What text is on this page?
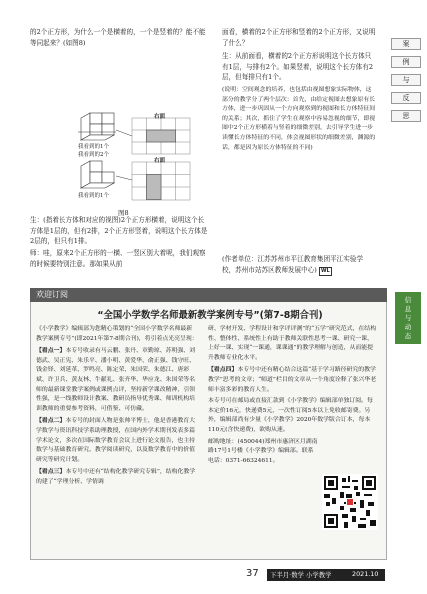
的2个正方形，为什么一个是横着的，一个是竖着的？能不能等同起来？(如图8)
右面
右面
我看到的1个
我看到的2个
我看到的1个
图8
生：(指着长方体和对应的视图)2个正方形横着，说明这个长方体是1层的，但有2排，2个正方形竖着，说明这个长方体是2层的，但只有1排。
师：哇，原来2个正方形的一横、一竖区别大着呢，我们观察的时候要特别注意。那如果从前
面看，横着的2个正方形和竖着的2个正方形，又说明了什么？
生：从前面看，横着的2个正方形说明这个长方体只有1层，与排有2个。如果竖着，说明这个长方体有2层，但每排只有1个。
(说明：空间观念的培养，也包括由视图想象实际物体，这部分的教学分了两个层次：首先，由给定视图去想象原有长方体，进一步巩固从一个方向观察到的视图和长方体特征间的关系；其次，抓住了学生在观察中容易忽视的细节，即视图中2个正方形横着与竖着的细微差别，去引导学生进一步读懂长方体特征的不同，体会视图形状的细微差别，渊源的话，都是因为原长方体特征的不同)
(作者单位：江苏苏州市平江教育集团平江实验学校，苏州市站苏区教师发展中心) WL
案
例
与
反
思
欢迎订阅
信
息
与
动
态
“全国小学数学名师最新教学案例专号”(第7-8期合刊)
《小学教学》编辑部为您精心策划的“全国小学数学名师最新教学案例专号”(即2021年第7-8期合刊)，将引着点光亮呈现：
【看点一】本专号收录有马云鹏、张丹、章勤琼、苏明强、刘德武、吴正宪、朱乐平、潘小明、黄爱华、俞正强、钱守旺、钱金铎、刘延革、罗鸣亮、陈定荣、朱国荣、朱德江、唐彩斌、许卫兵、黄友林、牛献礼、张齐华、华应龙、朱国荣等名师的最新课堂教学案例或课例点评，坚持新学课改精神，引领性强，是一线教师设计教案、教研员指导优秀课、师训机构培训教师的重要参考资料，可借鉴、可仿藏。
【看点二】本专号的封面人物是张帅平博士，他是香港教育大学数学与资讯科技学系助理教授，在国内外学术期刊发表多篇学术论文，多次在国际数学教育会议上进行论文报告，也主持数学与基础教育研究、教学阅读研究，以及数学教育中的价值研究等研究计划。
【看点三】本专号中还有“结构化教学研究专辑”，结构化教学的建了“学理分析、学情调
研、学材开发、学程设计和学评评测”的“五学”研究范式，在结构性、整体性、系统性上有助于教师关联性思考一课、研究一课、上好一课、实现“一课通，课课通”的教学理解与创造，从而能提升教师专业化水平。
【看点四】本专号中还有精心结合这篇“基于学习路径研究的教学教学”思考的文章；“师道”栏目的文章从一个角度诠释了张兴华老师丰富多彩的教育人生。
本专号可在邮局或直接汇款到《小学教学》编辑部单独订阅。每本定价16元，快递费5元，一次性订阅5本以上免收邮寄费。另外，编辑部尚有少量《小学教学》2020年数学版合订本，每本110元(含快递费)，欲购从速。
邮购地址：(450044)郑州市惠济区月湖南路17号1号楼《小学教学》编辑部。联系电话：0371-66324611。
37 下半月·数学 小学教学	2021.10
